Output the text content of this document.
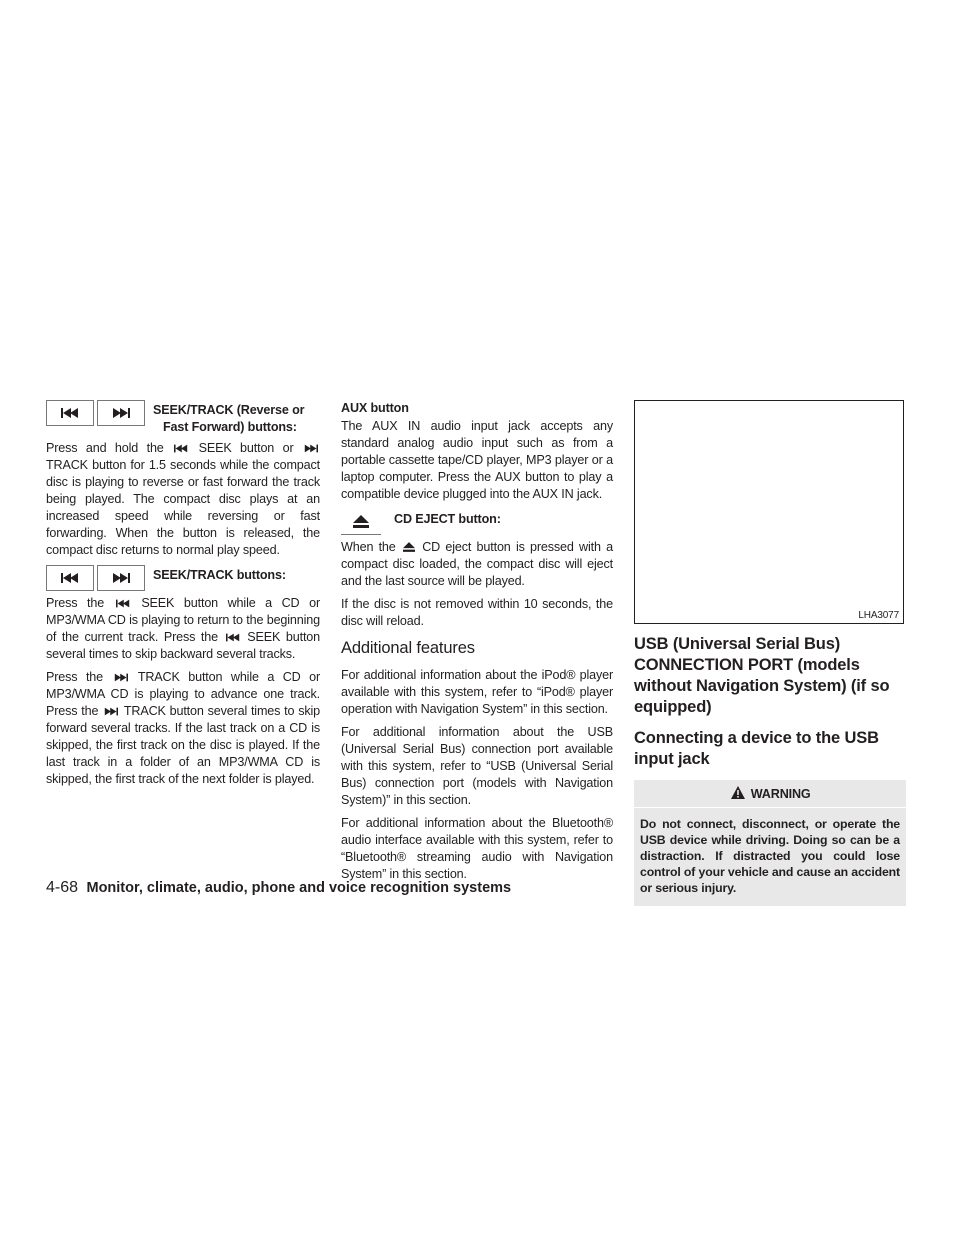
SEEK/TRACK (Reverse or

Fast Forward) buttons:

Press and hold the	SEEK button or  TRACK button for 1.5 seconds while the compact disc is playing to reverse or fast forward the track being played. The compact disc plays at an increased speed while reversing or fast forwarding. When the button is released, the compact disc returns to normal play speed.

SEEK/TRACK buttons:

Press the	SEEK button while a CD or MP3/WMA CD is playing to return to the beginning of the current track. Press the SEEK button several times to skip backward several tracks.

Press the	TRACK button while a CD or MP3/WMA CD is playing to advance one track. Press the TRACK button several times to skip forward several tracks. If the last track on a CD is skipped, the first track on the disc is played. If the last track in a folder of an MP3/WMA CD is skipped, the first track of the next folder is played.

AUX button

The AUX IN audio input jack accepts any standard analog audio input such as from a portable cassette tape/CD player, MP3 player or a laptop computer. Press the AUX button to play a compatible device plugged into the AUX IN jack.

CD EJECT button:

When the CD eject button is pressed with a compact disc loaded, the compact disc will eject and the last source will be played.

If the disc is not removed within 10 seconds, the disc will reload.

Additional features

For additional information about the iPod® player available with this system, refer to “iPod® player operation with Navigation System” in this section.

For additional information about the USB (Universal Serial Bus) connection port available with this system, refer to “USB (Universal Serial Bus) connection port (models with Navigation System)” in this section.

For additional information about the Bluetooth® audio interface available with this system, refer to “Bluetooth® streaming audio with Navigation System” in this section.

LHA3077
USB (Universal Serial Bus) CONNECTION PORT (models without Navigation System) (if so equipped)
Connecting a device to the USB input jack
WARNING
Do not connect, disconnect, or operate the USB device while driving. Doing so can be a distraction. If distracted you could lose control of your vehicle and cause an accident or serious injury.
4-68 Monitor, climate, audio, phone and voice recognition systems
